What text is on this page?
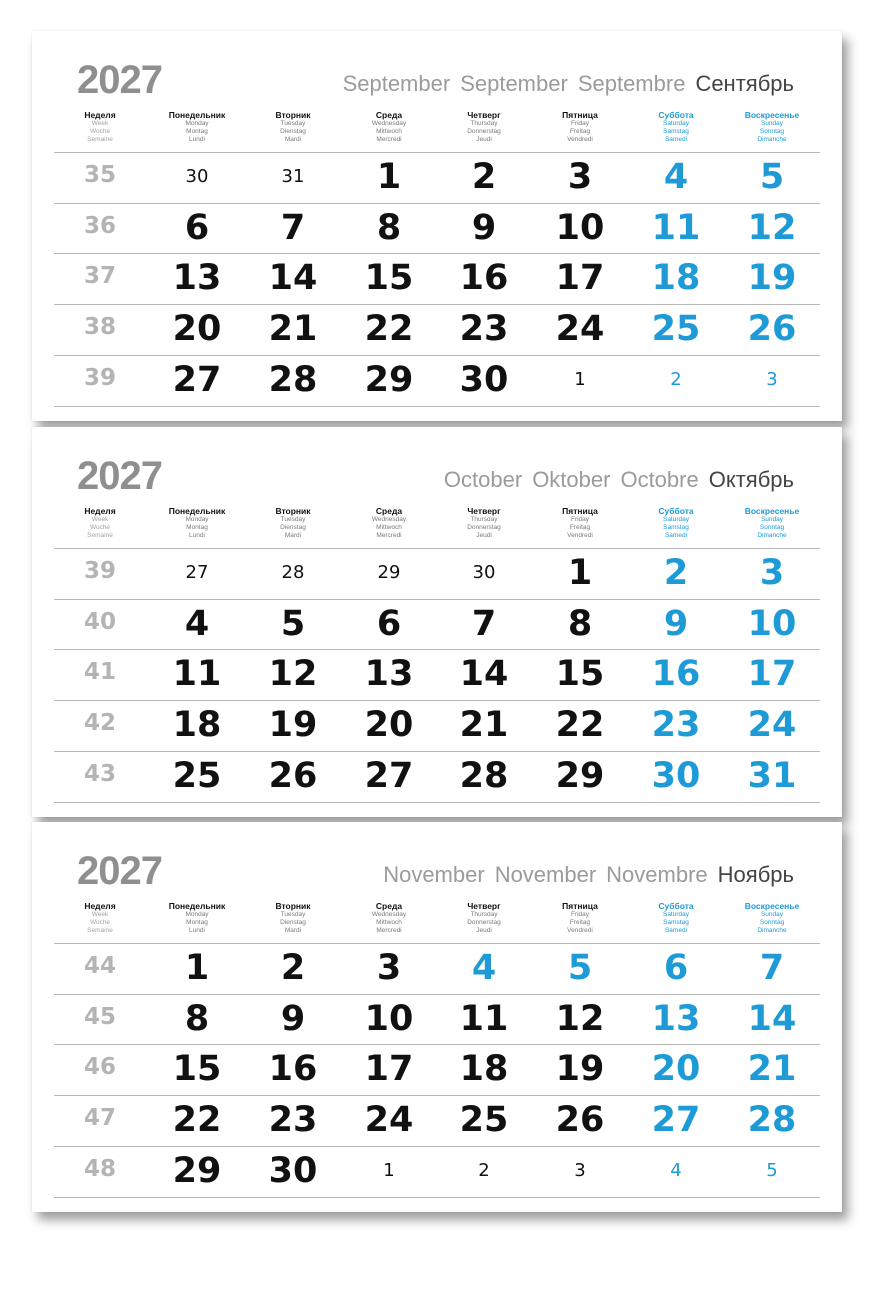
2027	September September Septembre Сентябрь
Неделя
Week
Woche
Semaine
Понедельник
Monday
Montag
Lundi
Вторник
Tuesday
Dienstag
Mardi
Среда
Wednesday
Mittwoch
Mercredi
Четверг
Thursday
Donnerstag
Jeudi
Пятница
Friday
Freitag
Vendredi
Суббота
Saturday
Samstag
Samedi
Воскресенье
Sunday
Sonntag
Dimanche
35	30	31	1	2	3	4	5
36	6	7	8	9	10	11	12
37	13	14	15	16	17	18	19
38	20	21	22	23	24	25	26
39	27	28	29	30	1	2	3
2027	October Oktober Octobre Октябрь
Неделя
Week
Woche
Semaine
Понедельник
Monday
Montag
Lundi
Вторник
Tuesday
Dienstag
Mardi
Среда
Wednesday
Mittwoch
Mercredi
Четверг
Thursday
Donnerstag
Jeudi
Пятница
Friday
Freitag
Vendredi
Суббота
Saturday
Samstag
Samedi
Воскресенье
Sunday
Sonntag
Dimanche
39	27	28	29	30	1	2	3
40	4	5	6	7	8	9	10
41	11	12	13	14	15	16	17
42	18	19	20	21	22	23	24
43	25	26	27	28	29	30	31
2027	November November Novembre Ноябрь
Неделя
Week
Woche
Semaine
Понедельник
Monday
Montag
Lundi
Вторник
Tuesday
Dienstag
Mardi
Среда
Wednesday
Mittwoch
Mercredi
Четверг
Thursday
Donnerstag
Jeudi
Пятница
Friday
Freitag
Vendredi
Суббота
Saturday
Samstag
Samedi
Воскресенье
Sunday
Sonntag
Dimanche
44	1	2	3	4	5	6	7
45	8	9	10	11	12	13	14
46	15	16	17	18	19	20	21
47	22	23	24	25	26	27	28
48	29	30	1	2	3	4	5
